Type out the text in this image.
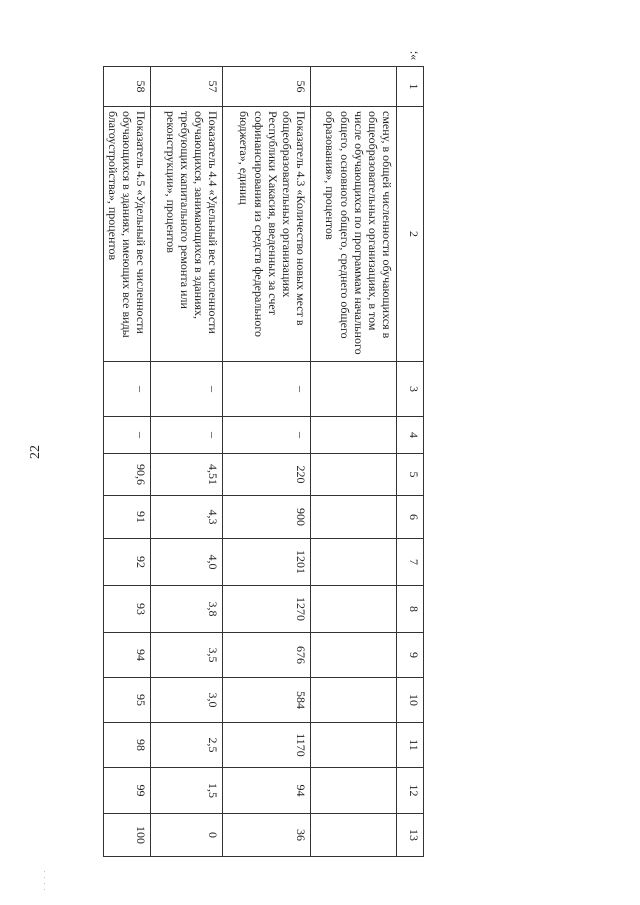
22
»;
· · · ·
1	2	3	4	5	6	7	8	9	10	11	12	13
	смену, в общей численности обучающихся в общеобразовательных организациях, в том числе обучающихся по программам начального общего, основного общего, среднего общего образования», процентов											
56	Показатель 4.3 «Количество новых мест в общеобразовательных организациях Республики Хакасия, введенных за счет софинансирования из средств федерального бюджета», единиц	–	–	220	900	1201	1270	676	584	1170	94	36
57	Показатель 4.4 «Удельный вес численности обучающихся, занимающихся в зданиях, требующих капитального ремонта или реконструкции», процентов	–	–	4,51	4,3	4,0	3,8	3,5	3,0	2,5	1,5	0
58	Показатель 4.5 «Удельный вес численности обучающихся в зданиях, имеющих все виды благоустройства», процентов	–	–	90,6	91	92	93	94	95	98	99	100
